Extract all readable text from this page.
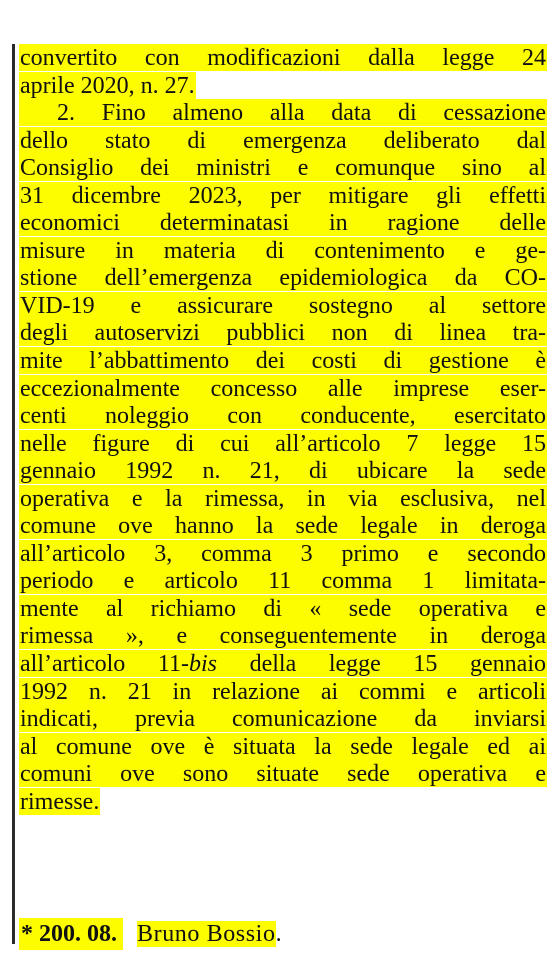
convertito con modificazioni dalla legge 24
aprile 2020, n. 27.
2. Fino almeno alla data di cessazione
dello stato di emergenza deliberato dal
Consiglio dei ministri e comunque sino al
31 dicembre 2023, per mitigare gli effetti
economici determinatasi in ragione delle
misure in materia di contenimento e ge-
stione dell’emergenza epidemiologica da CO-
VID-19 e assicurare sostegno al settore
degli autoservizi pubblici non di linea tra-
mite l’abbattimento dei costi di gestione è
eccezionalmente concesso alle imprese eser-
centi noleggio con conducente, esercitato
nelle figure di cui all’articolo 7 legge 15
gennaio 1992 n. 21, di ubicare la sede
operativa e la rimessa, in via esclusiva, nel
comune ove hanno la sede legale in deroga
all’articolo 3, comma 3 primo e secondo
periodo e articolo 11 comma 1 limitata-
mente al richiamo di « sede operativa e
rimessa », e conseguentemente in deroga
all’articolo 11-bis della legge 15 gennaio
1992 n. 21 in relazione ai commi e articoli
indicati, previa comunicazione da inviarsi
al comune ove è situata la sede legale ed ai
comuni ove sono situate sede operativa e
rimesse.
* 200. 08. Bruno Bossio.
